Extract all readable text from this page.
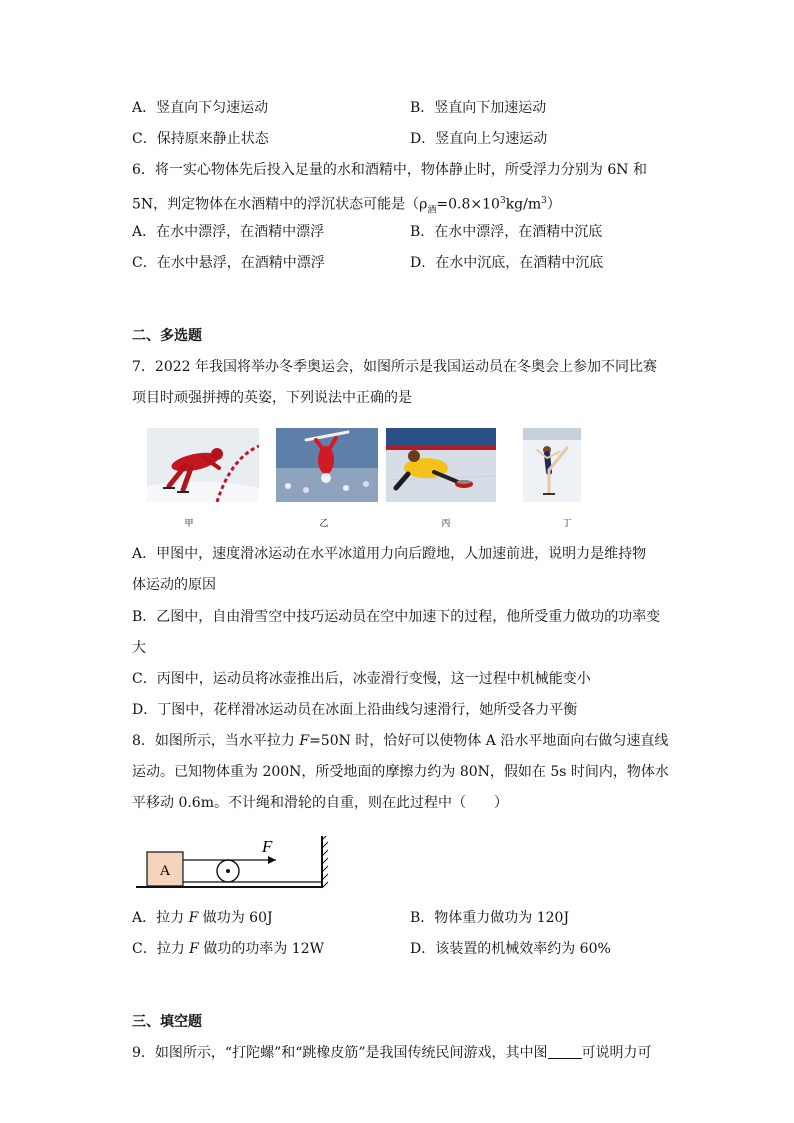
A．竖直向下匀速运动	B．竖直向下加速运动
C．保持原来静止状态	D．竖直向上匀速运动
6．将一实心物体先后投入足量的水和酒精中，物体静止时，所受浮力分别为 6N 和
5N，判定物体在水酒精中的浮沉状态可能是$(\rho_酒=0.8\times 10^3kg/m^3)$
A．在水中漂浮，在酒精中漂浮	B．在水中漂浮，在酒精中沉底
C．在水中悬浮，在酒精中漂浮	D．在水中沉底，在酒精中沉底
二、多选题
7．2022 年我国将举办冬季奥运会，如图所示是我国运动员在冬奥会上参加不同比赛
项目时顽强拼搏的英姿，下列说法中正确的是
甲	乙	丙	丁
A．甲图中，速度滑冰运动在水平冰道用力向后蹬地，人加速前进，说明力是维持物
体运动的原因
B．乙图中，自由滑雪空中技巧运动员在空中加速下的过程，他所受重力做功的功率变
大
C．丙图中，运动员将冰壶推出后，冰壶滑行变慢，这一过程中机械能变小
D．丁图中，花样滑冰运动员在冰面上沿曲线匀速滑行，她所受各力平衡
8．如图所示，当水平拉力 F=50N 时，恰好可以使物体 A 沿水平地面向右做匀速直线
运动。已知物体重为 200N，所受地面的摩擦力约为 80N，假如在 5s 时间内，物体水
平移动 0.6m。不计绳和滑轮的自重，则在此过程中（　　）
A
F
A．拉力 F 做功为 60J	B．物体重力做功为 120J
C．拉力 F 做功的功率为 12W	D．该装置的机械效率约为 60%
三、填空题
9．如图所示，“打陀螺”和“跳橡皮筋”是我国传统民间游戏，其中图 可说明力可
